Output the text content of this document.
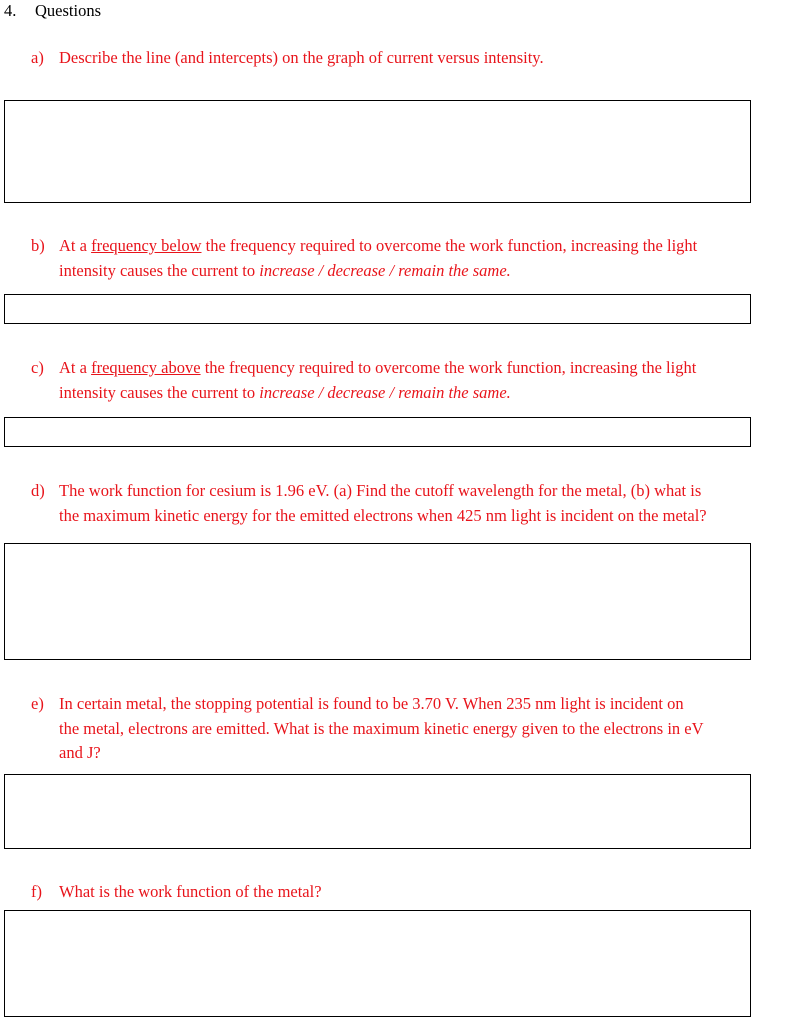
4. Questions
a) Describe the line (and intercepts) on the graph of current versus intensity.
b) At a frequency below the frequency required to overcome the work function, increasing the light
intensity causes the current to increase / decrease / remain the same.
c) At a frequency above the frequency required to overcome the work function, increasing the light
intensity causes the current to increase / decrease / remain the same.
d) The work function for cesium is 1.96 eV. (a) Find the cutoff wavelength for the metal, (b) what is
the maximum kinetic energy for the emitted electrons when 425 nm light is incident on the metal?
e) In certain metal, the stopping potential is found to be 3.70 V. When 235 nm light is incident on
the metal, electrons are emitted. What is the maximum kinetic energy given to the electrons in eV
and J?
f) What is the work function of the metal?
